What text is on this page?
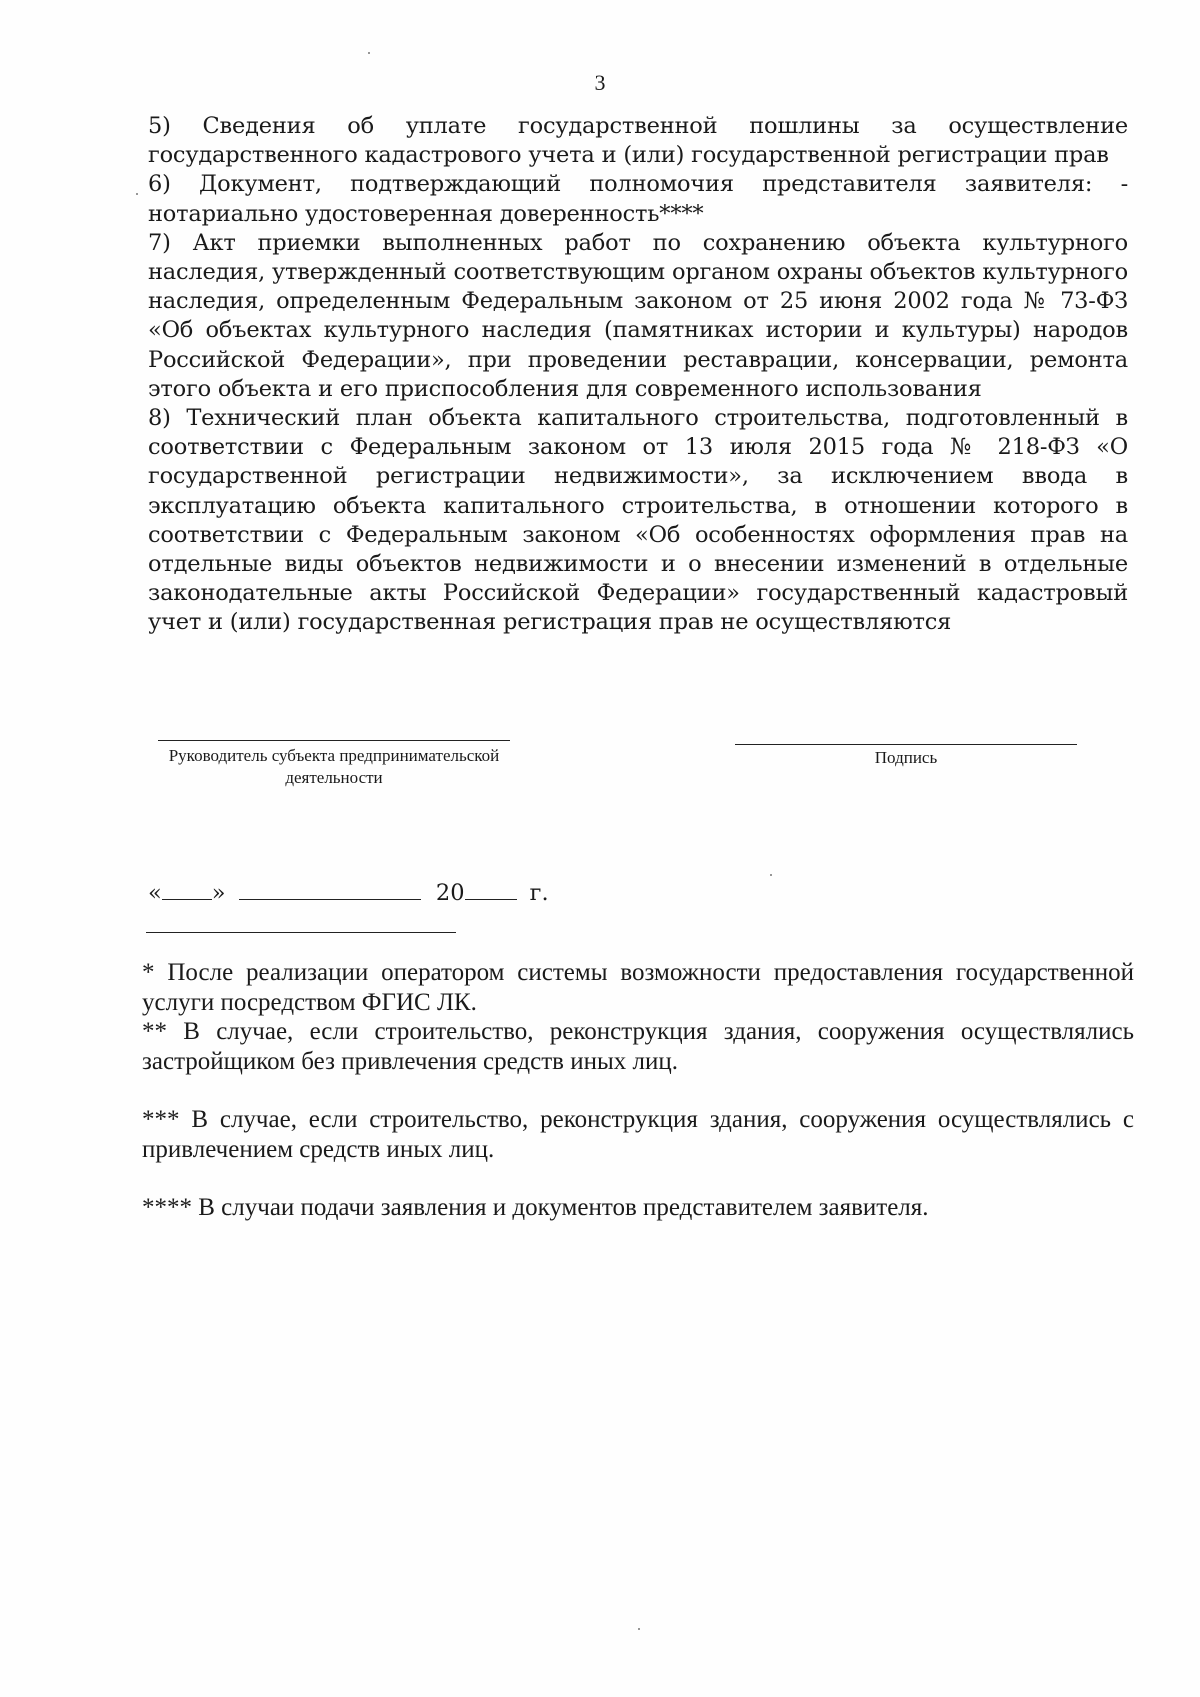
3

5) Сведения об уплате государственной пошлины за осуществление государственного кадастрового учета и (или) государственной регистрации прав

6) Документ, подтверждающий полномочия представителя заявителя: - нотариально удостоверенная доверенность****

7) Акт приемки выполненных работ по сохранению объекта культурного наследия, утвержденный соответствующим органом охраны объектов культурного наследия, определенным Федеральным законом от 25 июня 2002 года № 73-ФЗ «Об объектах культурного наследия (памятниках истории и культуры) народов Российской Федерации», при проведении реставрации, консервации, ремонта этого объекта и его приспособления для современного использования

8) Технический план объекта капитального строительства, подготовленный в соответствии с Федеральным законом от 13 июля 2015 года № 218-ФЗ «О государственной регистрации недвижимости», за исключением ввода в эксплуатацию объекта капитального строительства, в отношении которого в соответствии с Федеральным законом «Об особенностях оформления прав на отдельные виды объектов недвижимости и о внесении изменений в отдельные законодательные акты Российской Федерации» государственный кадастровый учет и (или) государственная регистрация прав не осуществляются

Руководитель субъекта предпринимательской деятельности
Подпись
« »	20	г.

* После реализации оператором системы возможности предоставления государственной услуги посредством ФГИС ЛК.

** В случае, если строительство, реконструкция здания, сооружения осуществлялись застройщиком без привлечения средств иных лиц.

*** В случае, если строительство, реконструкция здания, сооружения осуществлялись с привлечением средств иных лиц.

**** В случаи подачи заявления и документов представителем заявителя.
